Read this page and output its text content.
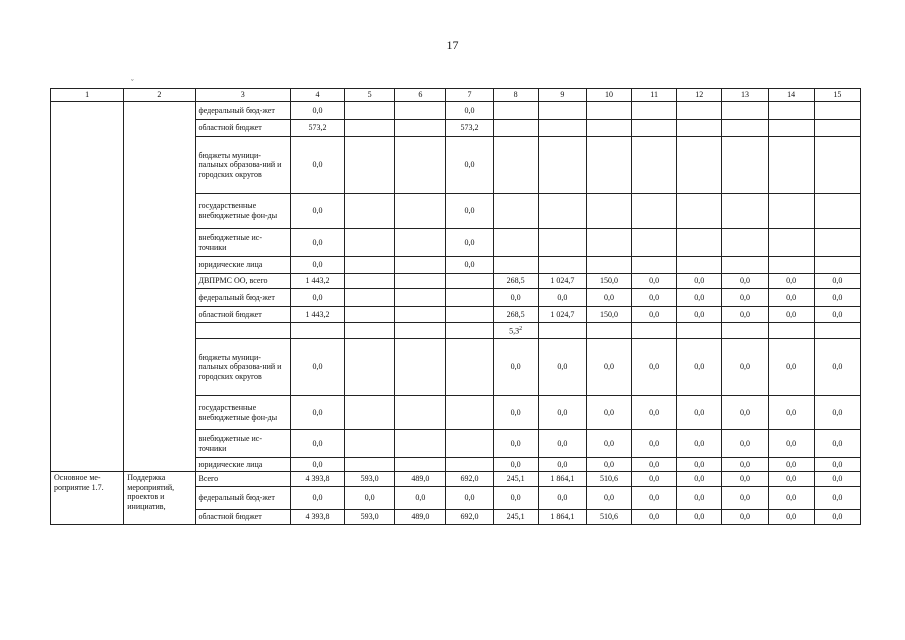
17
ˇ
1	2	3	4	5	6	7	8	9	10	11	12	13	14	15
		федеральный бюд-жет	0,0			0,0								
		областной бюджет	573,2			573,2								
		бюджеты муници-пальных образова-ний и городских округов	0,0			0,0								
		государственные внебюджетные фон-ды	0,0			0,0								
		внебюджетные ис-точники	0,0			0,0								
		юридические лица	0,0			0,0								
		ДВПРМС ОО, всего	1 443,2				268,5	1 024,7	150,0	0,0	0,0	0,0	0,0	0,0
		федеральный бюд-жет	0,0				0,0	0,0	0,0	0,0	0,0	0,0	0,0	0,0
		областной бюджет	1 443,2				268,5	1 024,7	150,0	0,0	0,0	0,0	0,0	0,0
							$5,3^2$							
		бюджеты муници-пальных образова-ний и городских округов	0,0				0,0	0,0	0,0	0,0	0,0	0,0	0,0	0,0
		государственные внебюджетные фон-ды	0,0				0,0	0,0	0,0	0,0	0,0	0,0	0,0	0,0
		внебюджетные ис-точники	0,0				0,0	0,0	0,0	0,0	0,0	0,0	0,0	0,0
		юридические лица	0,0				0,0	0,0	0,0	0,0	0,0	0,0	0,0	0,0
Основное ме-роприятие 1.7.	Поддержка мероприятий, проектов и инициатив,	Всего	4 393,8	593,0	489,0	692,0	245,1	1 864,1	510,6	0,0	0,0	0,0	0,0	0,0
		федеральный бюд-жет	0,0	0,0	0,0	0,0	0,0	0,0	0,0	0,0	0,0	0,0	0,0	0,0
		областной бюджет	4 393,8	593,0	489,0	692,0	245,1	1 864,1	510,6	0,0	0,0	0,0	0,0	0,0
